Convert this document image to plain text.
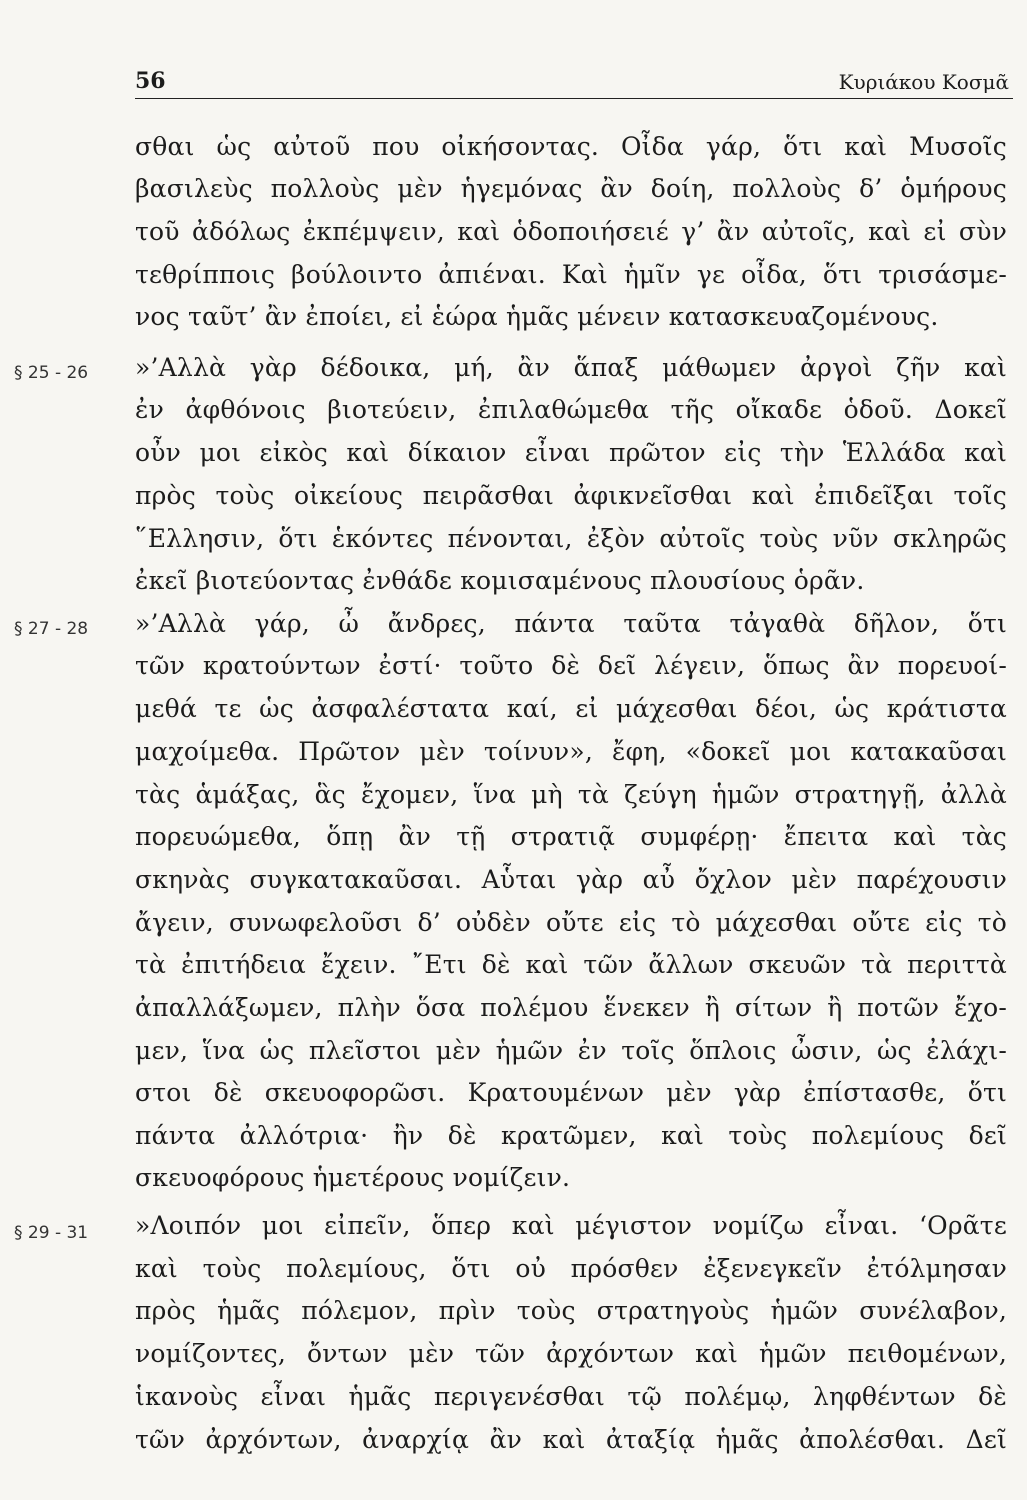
56	Κυριάκου Κοσμᾶ
§ 25 - 26
§ 27 - 28
§ 29 - 31
σθαι ὡς αὐτοῦ που οἰκήσοντας. Οἶδα γάρ, ὅτι καὶ Μυσοῖς
βασιλεὺς πολλοὺς μὲν ἡγεμόνας ἂν δοίη, πολλοὺς δ’ ὁμήρους
τοῦ ἀδόλως ἐκπέμψειν, καὶ ὁδοποιήσειέ γ’ ἂν αὐτοῖς, καὶ εἰ σὺν
τεθρίπποις βούλοιντο ἀπιέναι. Καὶ ἡμῖν γε οἶδα, ὅτι τρισάσμε-
νος ταῦτ’ ἂν ἐποίει, εἰ ἑώρα ἡμᾶς μένειν κατασκευαζομένους.
»’Αλλὰ γὰρ δέδοικα, μή, ἂν ἅπαξ μάθωμεν ἀργοὶ ζῆν καὶ
ἐν ἀφθόνοις βιοτεύειν, ἐπιλαθώμεθα τῆς οἴκαδε ὁδοῦ. Δοκεῖ
οὖν μοι εἰκὸς καὶ δίκαιον εἶναι πρῶτον εἰς τὴν Ἑλλάδα καὶ
πρὸς τοὺς οἰκείους πειρᾶσθαι ἀφικνεῖσθαι καὶ ἐπιδεῖξαι τοῖς
῞Ελλησιν, ὅτι ἑκόντες πένονται, ἐξὸν αὐτοῖς τοὺς νῦν σκληρῶς
ἐκεῖ βιοτεύοντας ἐνθάδε κομισαμένους πλουσίους ὁρᾶν.
»’Αλλὰ γάρ, ὦ ἄνδρες, πάντα ταῦτα τἀγαθὰ δῆλον, ὅτι
τῶν κρατούντων ἐστί· τοῦτο δὲ δεῖ λέγειν, ὅπως ἂν πορευοί-
μεθά τε ὡς ἀσφαλέστατα καί, εἰ μάχεσθαι δέοι, ὡς κράτιστα
μαχοίμεθα. Πρῶτον μὲν τοίνυν», ἔφη, «δοκεῖ μοι κατακαῦσαι
τὰς ἁμάξας, ἃς ἔχομεν, ἵνα μὴ τὰ ζεύγη ἡμῶν στρατηγῇ, ἀλλὰ
πορευώμεθα, ὅπῃ ἂν τῇ στρατιᾷ συμφέρῃ· ἔπειτα καὶ τὰς
σκηνὰς συγκατακαῦσαι. Αὗται γὰρ αὖ ὄχλον μὲν παρέχουσιν
ἄγειν, συνωφελοῦσι δ’ οὐδὲν οὔτε εἰς τὸ μάχεσθαι οὔτε εἰς τὸ
τὰ ἐπιτήδεια ἔχειν. ῎Ετι δὲ καὶ τῶν ἄλλων σκευῶν τὰ περιττὰ
ἀπαλλάξωμεν, πλὴν ὅσα πολέμου ἕνεκεν ἢ σίτων ἢ ποτῶν ἔχο-
μεν, ἵνα ὡς πλεῖστοι μὲν ἡμῶν ἐν τοῖς ὅπλοις ὦσιν, ὡς ἐλάχι-
στοι δὲ σκευοφορῶσι. Κρατουμένων μὲν γὰρ ἐπίστασθε, ὅτι
πάντα ἀλλότρια· ἢν δὲ κρατῶμεν, καὶ τοὺς πολεμίους δεῖ
σκευοφόρους ἡμετέρους νομίζειν.
»Λοιπόν μοι εἰπεῖν, ὅπερ καὶ μέγιστον νομίζω εἶναι. ‘Ορᾶτε
καὶ τοὺς πολεμίους, ὅτι οὐ πρόσθεν ἐξενεγκεῖν ἐτόλμησαν
πρὸς ἡμᾶς πόλεμον, πρὶν τοὺς στρατηγοὺς ἡμῶν συνέλαβον,
νομίζοντες, ὄντων μὲν τῶν ἀρχόντων καὶ ἡμῶν πειθομένων,
ἱκανοὺς εἶναι ἡμᾶς περιγενέσθαι τῷ πολέμῳ, ληφθέντων δὲ
τῶν ἀρχόντων, ἀναρχίᾳ ἂν καὶ ἀταξίᾳ ἡμᾶς ἀπολέσθαι. Δεῖ
